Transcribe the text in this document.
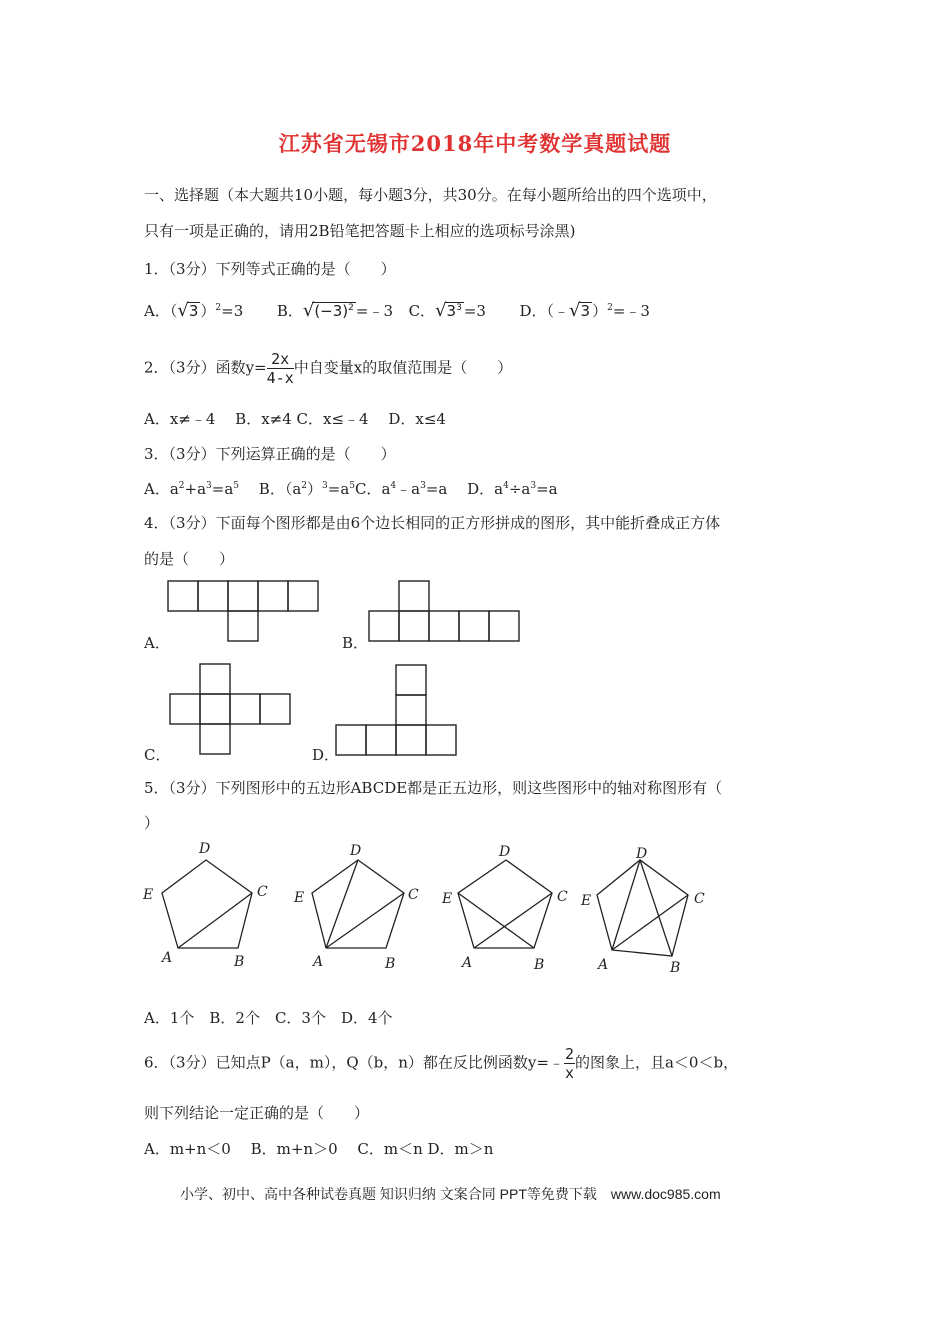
江苏省无锡市2018年中考数学真题试题
一、选择题（本大题共10小题，每小题3分，共30分。在每小题所给出的四个选项中，
只有一项是正确的，请用2B铅笔把答题卡上相应的选项标号涂黑)
1．（3分）下列等式正确的是（　　）
A．（√3 ）$^2$=3 B．$√(-3)^2$ =﹣3 C．$√3^3 =3$ D．（﹣√3 ）$^2$=﹣3
2．（3分）函数$y= \frac{2x}{4-x}$ 中自变量x的取值范围是（　　）
A．x≠﹣4　 B．x≠4 C．x≤﹣4　 D．x≤4
3．（3分）下列运算正确的是（　　）
A．$a^2+a^3=a^5$ 　B．$(a^2)^3=a^5C$．$a^4﹣a^3=a$ 　D．$a^4\div a^3=a$
4．（3分）下面每个图形都是由6个边长相同的正方形拼成的图形，其中能折叠成正方体
的是（　　）
A．	B．
C．	D．
5．（3分）下列图形中的五边形ABCDE都是正五边形，则这些图形中的轴对称图形有（
）
D
E	C
A	B
D
E	C
A	B
D
E	C
A	B
D
E	C
A	B
A．1个　B．2个　C．3个　D．4个
6．（3分）已知点P（a，m），Q（b，n）都在反比例函数y=﹣ $\frac{2}{x}$ 的图象上，且a＜0＜b，
则下列结论一定正确的是（　　）
A．m+n＜0　 B．m+n＞0　 C．m＜n D．m＞n
小学、初中、高中各种试卷真题 知识归纳 文案合同 PPT等免费下载　www.doc985.com
